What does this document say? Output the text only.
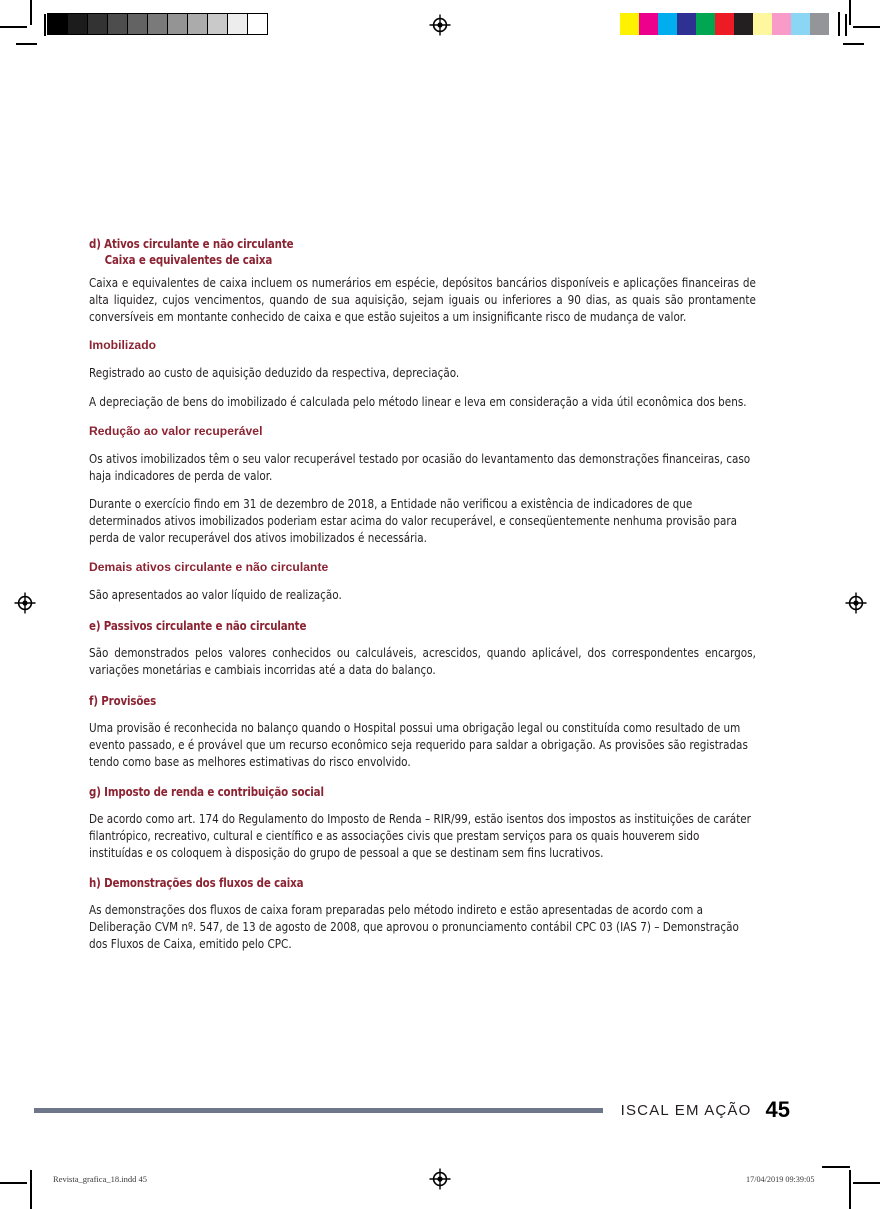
d) Ativos circulante e não circulante
Caixa e equivalentes de caixa

Caixa e equivalentes de caixa incluem os numerários em espécie, depósitos bancários disponíveis e aplicações financeiras de alta liquidez, cujos vencimentos, quando de sua aquisição, sejam iguais ou inferiores a 90 dias, as quais são prontamente conversíveis em montante conhecido de caixa e que estão sujeitos a um insignificante risco de mudança de valor.

Imobilizado

Registrado ao custo de aquisição deduzido da respectiva, depreciação.

A depreciação de bens do imobilizado é calculada pelo método linear e leva em consideração a vida útil econômica dos bens.

Redução ao valor recuperável

Os ativos imobilizados têm o seu valor recuperável testado por ocasião do levantamento das demonstrações financeiras, caso haja indicadores de perda de valor.

Durante o exercício findo em 31 de dezembro de 2018, a Entidade não verificou a existência de indicadores de que determinados ativos imobilizados poderiam estar acima do valor recuperável, e conseqüentemente nenhuma provisão para perda de valor recuperável dos ativos imobilizados é necessária.

Demais ativos circulante e não circulante

São apresentados ao valor líquido de realização.

e) Passivos circulante e não circulante

São demonstrados pelos valores conhecidos ou calculáveis, acrescidos, quando aplicável, dos correspondentes encargos, variações monetárias e cambiais incorridas até a data do balanço.

f) Provisões

Uma provisão é reconhecida no balanço quando o Hospital possui uma obrigação legal ou constituída como resultado de um evento passado, e é provável que um recurso econômico seja requerido para saldar a obrigação. As provisões são registradas tendo como base as melhores estimativas do risco envolvido.

g) Imposto de renda e contribuição social

De acordo como art. 174 do Regulamento do Imposto de Renda – RIR/99, estão isentos dos impostos as instituições de caráter filantrópico, recreativo, cultural e científico e as associações civis que prestam serviços para os quais houverem sido instituídas e os coloquem à disposição do grupo de pessoal a que se destinam sem fins lucrativos.

h) Demonstrações dos fluxos de caixa

As demonstrações dos fluxos de caixa foram preparadas pelo método indireto e estão apresentadas de acordo com a Deliberação CVM nº. 547, de 13 de agosto de 2008, que aprovou o pronunciamento contábil CPC 03 (IAS 7) – Demonstração dos Fluxos de Caixa, emitido pelo CPC.

ISCAL EM AÇÃO 45
Revista_grafica_18.indd 45	17/04/2019 09:39:05
